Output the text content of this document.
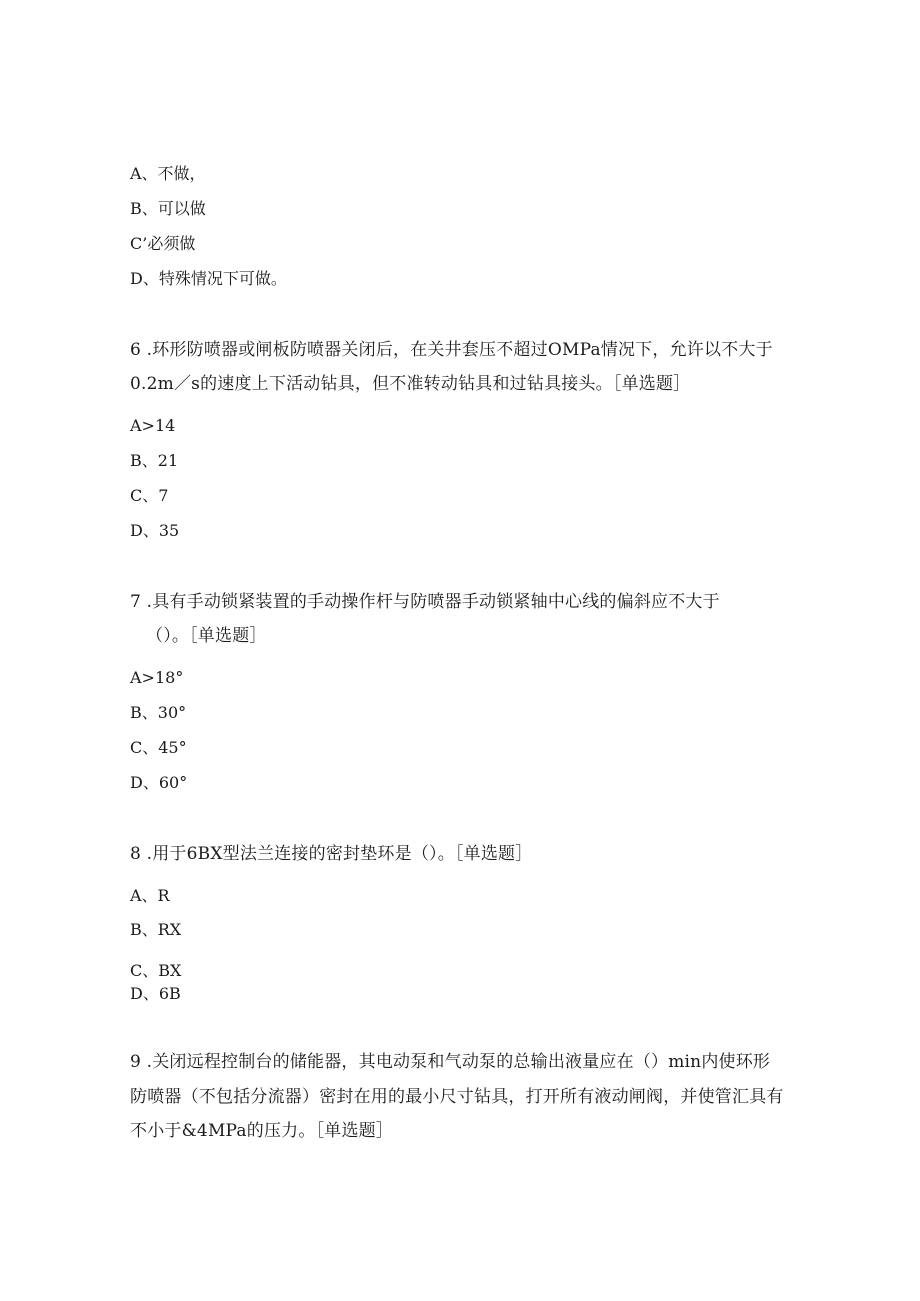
A、不做，
B、可以做
C’必须做
D、特殊情况下可做。
6 .环形防喷器或闸板防喷器关闭后，在关井套压不超过OMPa情况下，允许以不大于
0.2m／s的速度上下活动钻具，但不准转动钻具和过钻具接头。［单选题］
A>14
B、21
C、7
D、35
7 .具有手动锁紧装置的手动操作杆与防喷器手动锁紧轴中心线的偏斜应不大于
（）。［单选题］
A>18°
B、30°
C、45°
D、60°
8 .用于6BX型法兰连接的密封垫环是（）。［单选题］
A、R
B、RX
C、BX
D、6B
9 .关闭远程控制台的储能器，其电动泵和气动泵的总输出液量应在（）min内使环形
防喷器（不包括分流器）密封在用的最小尺寸钻具，打开所有液动闸阀，并使管汇具有
不小于&4MPa的压力。［单选题］
